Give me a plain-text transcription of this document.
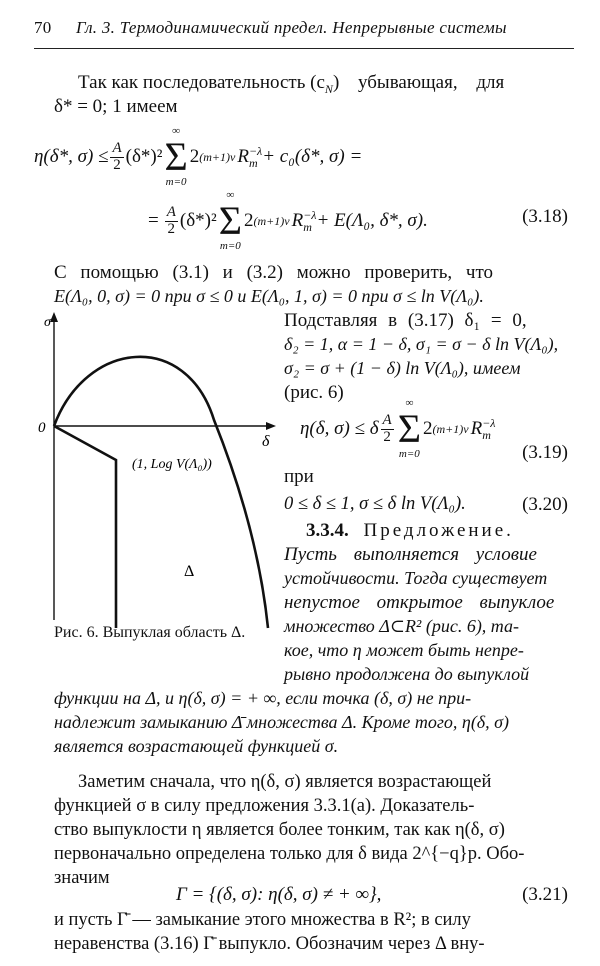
70 Гл. 3. Термодинамический предел. Непрерывные системы
Так как последовательность $(c_N)$ убывающая, для
δ* = 0; 1 имеем
η(δ*, $\sigma) \le \frac{A}{2} (\delta*)^2$
∞
Σ
m=0
2 (m+1)ν R −λ
m + c₀(δ*, σ) =
= $\frac{A}{2} (\delta*)^2$
∞
Σ
m=0
2 (m+1)ν R −λ
m + E(Λ₀, δ*, σ).	(3.18)
С помощью (3.1) и (3.2) можно проверить, что
E(Λ₀, 0, σ) = 0 при σ ≤ 0 и E(Λ₀, 1, σ) = 0 при σ ≤ ln V(Λ₀).
Подставляя в (3.17) δ₁ = 0,
δ₂ = 1, α = 1 − δ, σ₁ = σ − δ ln V(Λ₀),
σ₂ = σ + (1 − δ) ln V(Λ₀), имеем
(рис. 6)
η(δ, σ) ≤ δ $\frac{A}{2}$
∞
Σ
m=0
2 (m+1)ν R −λ
m
(3.19)
при
0 ≤ δ ≤ 1, σ ≤ δ ln V(Λ₀).	(3.20)
3.3.4. Предложение.
Пусть выполняется условие
устойчивости. Тогда существует
непустое открытое выпуклое
множество Δ⊂R² (рис. 6), та-
кое, что η может быть непре-
рывно продолжена до выпуклой
функции на Δ, и η(δ, σ) = + ∞, если точка (δ, σ) не при-
надлежит замыканию Δ̄ множества Δ. Кроме того, η(δ, σ)
является возрастающей функцией σ.
σ
δ
0
(1, Log V(Λ₀))
Δ
Рис. 6. Выпуклая область Δ.
Заметим сначала, что η(δ, σ) является возрастающей
функцией σ в силу предложения 3.3.1(a). Доказатель-
ство выпуклости η является более тонким, так как η(δ, σ)
первоначально определена только для δ вида 2^{−q}p. Обо-
значим
Γ = {(δ, σ): η(δ, σ) ≠ + ∞},	(3.21)
и пусть Γ̄ — замыкание этого множества в R²; в силу
неравенства (3.16) Γ̄ выпукло. Обозначим через Δ вну-
